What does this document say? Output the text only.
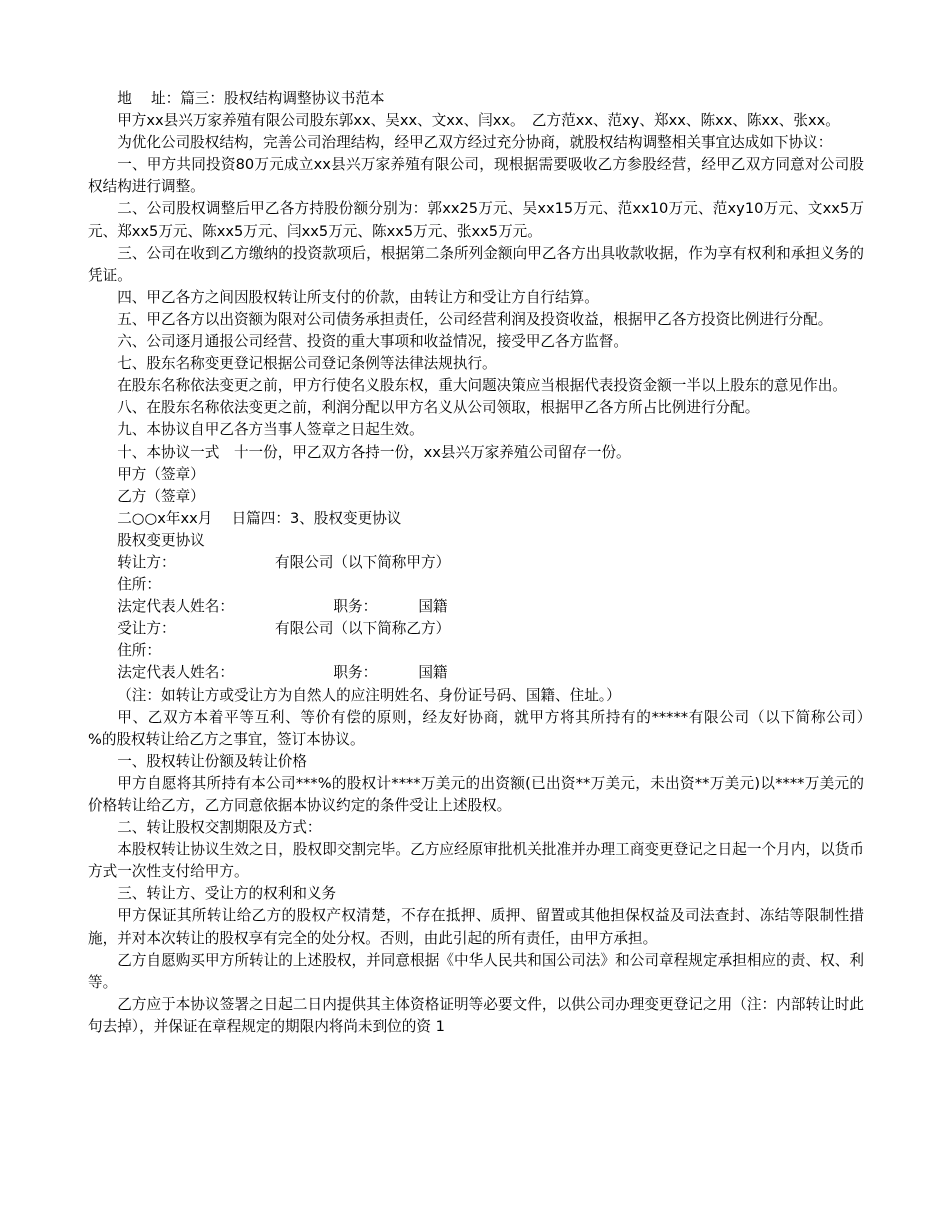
地　 址：篇三：股权结构调整协议书范本

甲方xx县兴万家养殖有限公司股东郭xx、吴xx、文xx、闫xx。　乙方范xx、范xy、郑xx、陈xx、陈xx、张xx。

为优化公司股权结构，完善公司治理结构，经甲乙双方经过充分协商，就股权结构调整相关事宜达成如下协议：

一、甲方共同投资80万元成立xx县兴万家养殖有限公司，现根据需要吸收乙方参股经营，经甲乙双方同意对公司股权结构进行调整。

二、公司股权调整后甲乙各方持股份额分别为：郭xx25万元、吴xx15万元、范xx10万元、范xy10万元、文xx5万元、郑xx5万元、陈xx5万元、闫xx5万元、陈xx5万元、张xx5万元。

三、公司在收到乙方缴纳的投资款项后，根据第二条所列金额向甲乙各方出具收款收据，作为享有权利和承担义务的凭证。

四、甲乙各方之间因股权转让所支付的价款，由转让方和受让方自行结算。

五、甲乙各方以出资额为限对公司债务承担责任，公司经营利润及投资收益，根据甲乙各方投资比例进行分配。

六、公司逐月通报公司经营、投资的重大事项和收益情况，接受甲乙各方监督。

七、股东名称变更登记根据公司登记条例等法律法规执行。

在股东名称依法变更之前，甲方行使名义股东权，重大问题决策应当根据代表投资金额一半以上股东的意见作出。

八、在股东名称依法变更之前，利润分配以甲方名义从公司领取，根据甲乙各方所占比例进行分配。

九、本协议自甲乙各方当事人签章之日起生效。

十、本协议一式　十一份，甲乙双方各持一份，xx县兴万家养殖公司留存一份。

甲方（签章）

乙方（签章）

二○○x年xx月　 日篇四：3、股权变更协议

股权变更协议

转让方：　　　　　　　 有限公司（以下简称甲方）

住所：

法定代表人姓名：　　　　　　　 职务：　　　 国籍

受让方：　　　　　　　 有限公司（以下简称乙方）

住所：

法定代表人姓名：　　　　　　　 职务：　　　 国籍

（注：如转让方或受让方为自然人的应注明姓名、身份证号码、国籍、住址。）

甲、乙双方本着平等互利、等价有偿的原则，经友好协商，就甲方将其所持有的*****有限公司（以下简称公司）　　 %的股权转让给乙方之事宜，签订本协议。

一、股权转让份额及转让价格

甲方自愿将其所持有本公司***%的股权计****万美元的出资额(已出资**万美元，未出资**万美元)以****万美元的价格转让给乙方，乙方同意依据本协议约定的条件受让上述股权。

二、转让股权交割期限及方式：

本股权转让协议生效之日，股权即交割完毕。乙方应经原审批机关批准并办理工商变更登记之日起一个月内，以货币方式一次性支付给甲方。

三、转让方、受让方的权利和义务

甲方保证其所转让给乙方的股权产权清楚，不存在抵押、质押、留置或其他担保权益及司法查封、冻结等限制性措施，并对本次转让的股权享有完全的处分权。否则，由此引起的所有责任，由甲方承担。

乙方自愿购买甲方所转让的上述股权，并同意根据《中华人民共和国公司法》和公司章程规定承担相应的责、权、利等。

乙方应于本协议签署之日起二日内提供其主体资格证明等必要文件，以供公司办理变更登记之用（注：内部转让时此句去掉），并保证在章程规定的期限内将尚未到位的资 1
